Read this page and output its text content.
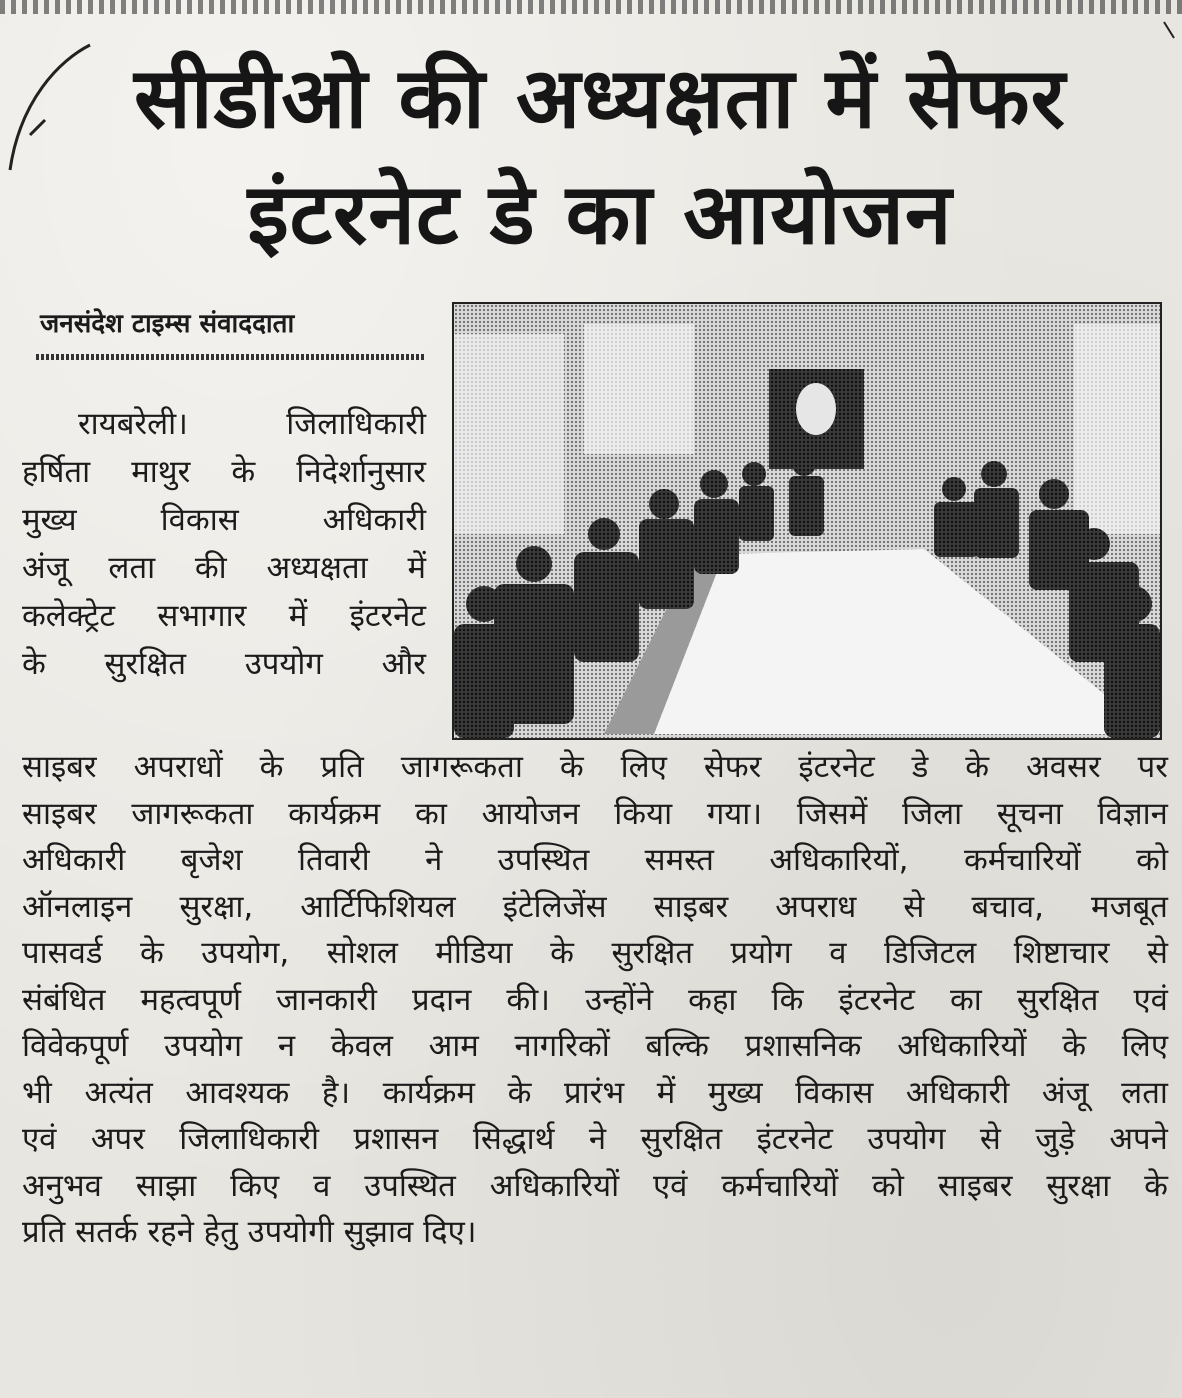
सीडीओ की अध्यक्षता में सेफर
इंटरनेट डे का आयोजन
जनसंदेश टाइम्स संवाददाता
रायबरेली।	जिलाधिकारी
हर्षिता माथुर के निदेर्शानुसार
मुख्य	विकास	अधिकारी
अंजू लता की अध्यक्षता में
कलेक्ट्रेट सभागार में इंटरनेट
के सुरक्षित उपयोग और
साइबर अपराधों के प्रति जागरूकता के लिए सेफर इंटरनेट डे के अवसर पर
साइबर जागरूकता कार्यक्रम का आयोजन किया गया। जिसमें जिला सूचना विज्ञान
अधिकारी बृजेश तिवारी ने उपस्थित समस्त अधिकारियों, कर्मचारियों को
ऑनलाइन सुरक्षा, आर्टिफिशियल इंटेलिजेंस साइबर अपराध से बचाव, मजबूत
पासवर्ड के उपयोग, सोशल मीडिया के सुरक्षित प्रयोग व डिजिटल शिष्टाचार से
संबंधित महत्वपूर्ण जानकारी प्रदान की। उन्होंने कहा कि इंटरनेट का सुरक्षित एवं
विवेकपूर्ण उपयोग न केवल आम नागरिकों बल्कि प्रशासनिक अधिकारियों के लिए
भी अत्यंत आवश्यक है। कार्यक्रम के प्रारंभ में मुख्य विकास अधिकारी अंजू लता
एवं अपर जिलाधिकारी प्रशासन सिद्धार्थ ने सुरक्षित इंटरनेट उपयोग से जुड़े अपने
अनुभव साझा किए व उपस्थित अधिकारियों एवं कर्मचारियों को साइबर सुरक्षा के
प्रति सतर्क रहने हेतु उपयोगी सुझाव दिए।
